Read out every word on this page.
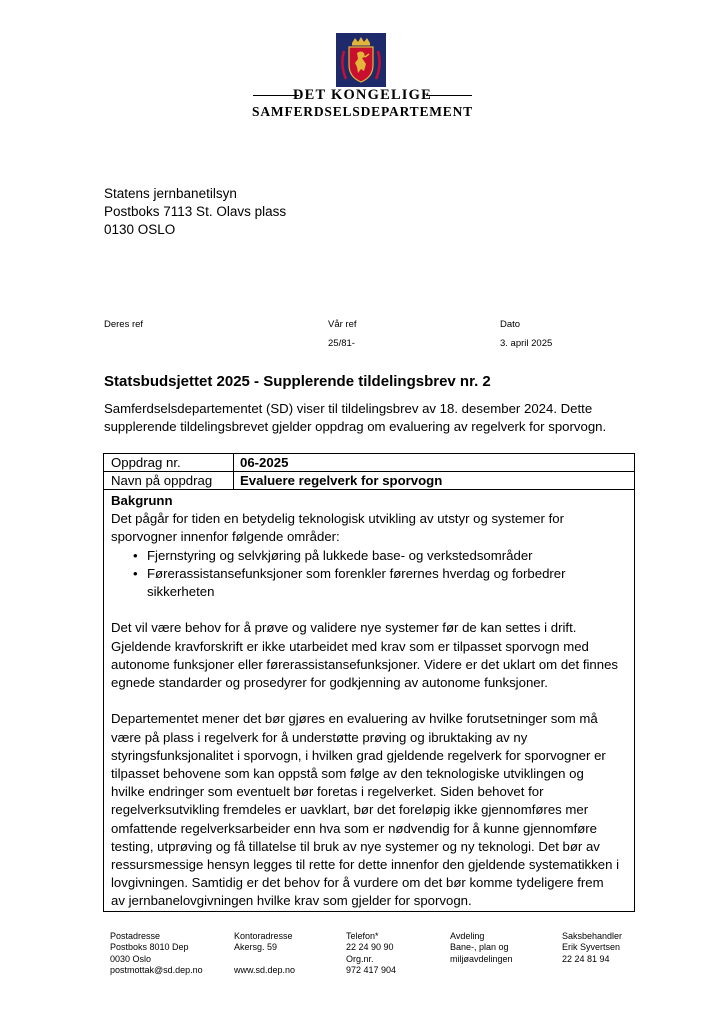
DET KONGELIGE
SAMFERDSELSDEPARTEMENT
Statens jernbanetilsyn
Postboks 7113 St. Olavs plass
0130 OSLO
Deres ref	Vår ref
25/81-
Dato
3. april 2025
Statsbudsjettet 2025 - Supplerende tildelingsbrev nr. 2
Samferdselsdepartementet (SD) viser til tildelingsbrev av 18. desember 2024. Dette
supplerende tildelingsbrevet gjelder oppdrag om evaluering av regelverk for sporvogn.
Oppdrag nr.	06-2025
Navn på oppdrag Evaluere regelverk for sporvogn

Bakgrunn

Det pågår for tiden en betydelig teknologisk utvikling av utstyr og systemer for

sporvogner innenfor følgende områder:

• Fjernstyring og selvkjøring på lukkede base- og verkstedsområder
• Førerassistansefunksjoner som forenkler førernes hverdag og forbedrer
sikkerheten

Det vil være behov for å prøve og validere nye systemer før de kan settes i drift.

Gjeldende kravforskrift er ikke utarbeidet med krav som er tilpasset sporvogn med

autonome funksjoner eller førerassistansefunksjoner. Videre er det uklart om det finnes

egnede standarder og prosedyrer for godkjenning av autonome funksjoner.

Departementet mener det bør gjøres en evaluering av hvilke forutsetninger som må

være på plass i regelverk for å understøtte prøving og ibruktaking av ny

styringsfunksjonalitet i sporvogn, i hvilken grad gjeldende regelverk for sporvogner er

tilpasset behovene som kan oppstå som følge av den teknologiske utviklingen og

hvilke endringer som eventuelt bør foretas i regelverket. Siden behovet for

regelverksutvikling fremdeles er uavklart, bør det foreløpig ikke gjennomføres mer

omfattende regelverksarbeider enn hva som er nødvendig for å kunne gjennomføre

testing, utprøving og få tillatelse til bruk av nye systemer og ny teknologi. Det bør av

ressursmessige hensyn legges til rette for dette innenfor den gjeldende systematikken i

lovgivningen. Samtidig er det behov for å vurdere om det bør komme tydeligere frem

av jernbanelovgivningen hvilke krav som gjelder for sporvogn.

Postadresse
Postboks 8010 Dep
0030 Oslo
postmottak@sd.dep.no
Kontoradresse
Akersg. 59
www.sd.dep.no
Telefon*
22 24 90 90
Org.nr.
972 417 904
Avdeling
Bane-, plan og
miljøavdelingen
Saksbehandler
Erik Syvertsen
22 24 81 94
